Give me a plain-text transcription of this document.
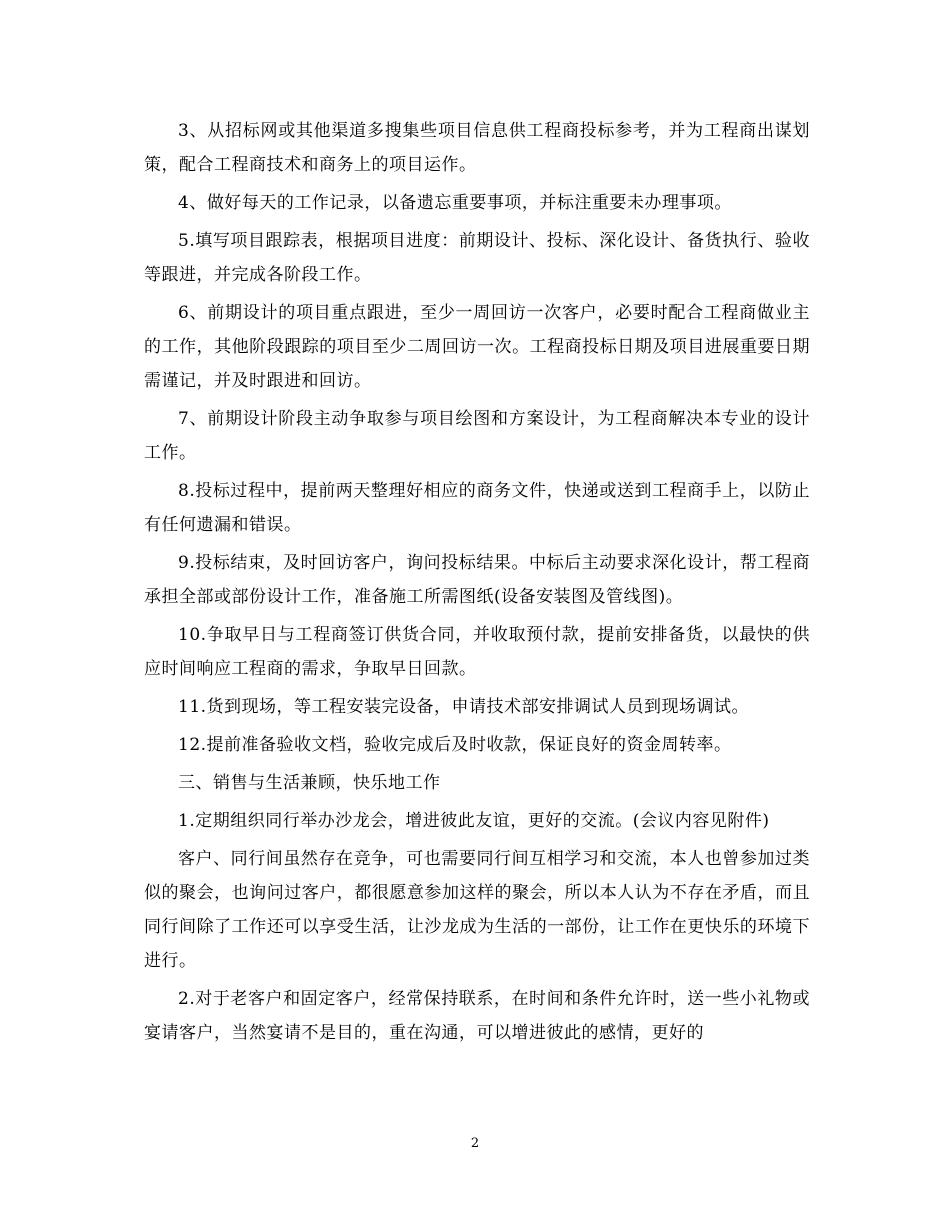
3、从招标网或其他渠道多搜集些项目信息供工程商投标参考，并为工程商出谋划策，配合工程商技术和商务上的项目运作。

4、做好每天的工作记录，以备遗忘重要事项，并标注重要未办理事项。

5.填写项目跟踪表，根据项目进度：前期设计、投标、深化设计、备货执行、验收等跟进，并完成各阶段工作。

6、前期设计的项目重点跟进，至少一周回访一次客户，必要时配合工程商做业主的工作，其他阶段跟踪的项目至少二周回访一次。工程商投标日期及项目进展重要日期需谨记，并及时跟进和回访。

7、前期设计阶段主动争取参与项目绘图和方案设计，为工程商解决本专业的设计工作。

8.投标过程中，提前两天整理好相应的商务文件，快递或送到工程商手上，以防止有任何遗漏和错误。

9.投标结束，及时回访客户，询问投标结果。中标后主动要求深化设计，帮工程商承担全部或部份设计工作，准备施工所需图纸(设备安装图及管线图)。

10.争取早日与工程商签订供货合同，并收取预付款，提前安排备货，以最快的供应时间响应工程商的需求，争取早日回款。

11.货到现场，等工程安装完设备，申请技术部安排调试人员到现场调试。

12.提前准备验收文档，验收完成后及时收款，保证良好的资金周转率。

三、销售与生活兼顾，快乐地工作

1.定期组织同行举办沙龙会，增进彼此友谊，更好的交流。(会议内容见附件)

客户、同行间虽然存在竞争，可也需要同行间互相学习和交流，本人也曾参加过类似的聚会，也询问过客户，都很愿意参加这样的聚会，所以本人认为不存在矛盾，而且同行间除了工作还可以享受生活，让沙龙成为生活的一部份，让工作在更快乐的环境下进行。

2.对于老客户和固定客户，经常保持联系，在时间和条件允许时，送一些小礼物或宴请客户，当然宴请不是目的，重在沟通，可以增进彼此的感情，更好的

2
